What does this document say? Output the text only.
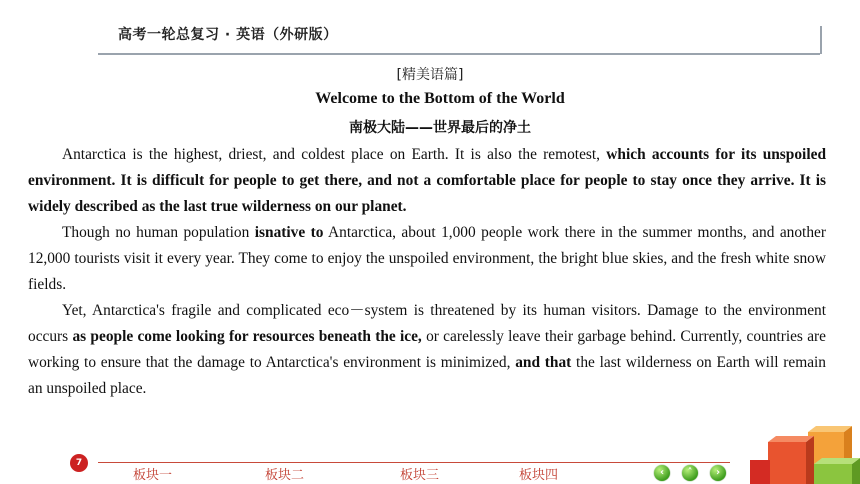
高考一轮总复习 · 英语（外研版）
[精美语篇]
Welcome to the Bottom of the World
南极大陆——世界最后的净土

Antarctica is the highest, driest, and coldest place on Earth. It is also the remotest, which accounts for its unspoiled environment. It is difficult for people to get there, and not a comfortable place for people to stay once they arrive. It is widely described as the last true wilderness on our planet.

Though no human population isnative to Antarctica, about 1,000 people work there in the summer months, and another 12,000 tourists visit it every year. They come to enjoy the unspoiled environment, the bright blue skies, and the fresh white snow fields.

Yet, Antarctica's fragile and complicated eco－system is threatened by its human visitors. Damage to the environment occurs as people come looking for resources beneath the ice, or carelessly leave their garbage behind. Currently, countries are working to ensure that the damage to Antarctica's environment is minimized, and that the last wilderness on Earth will remain an unspoiled place.

7
板块一	板块二	板块三	板块四	‹	˄	›
